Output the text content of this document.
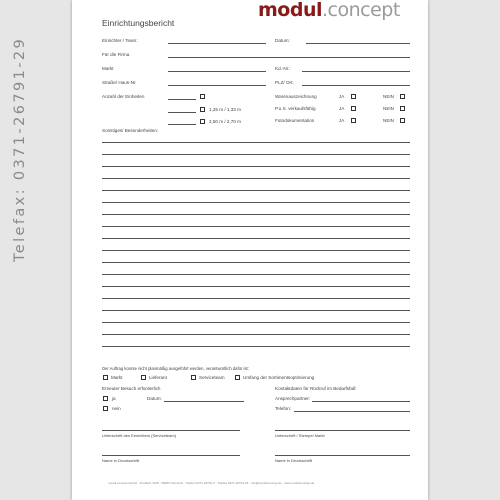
modul.concept
Einrichtungsbericht
Einrichter / Team:	Datum:
Für die Firma
Markt	Kd.-Nr.:
Straße/ Haus-Nr.	PLZ/ Ort:
Anzahl der Einheiten
1,25 m / 1,33 m
2,50 m / 2,70 m
Warenauszeichnung	JA	NEIN
P.o.S. verkaufsfähig	JA	NEIN
Fotodokumentation	JA	NEIN
Sonstiges/ Besonderheiten:
Der Auftrag konnte nicht planmäßig ausgeführt werden, verantwortlich dafür ist:
Markt	Lieferant	Serviceteam	Umfang der Sortimentsoptimierung
Erneuter Besuch erforderlich	Kontaktdaten für Rückruf im Bedarfsfall:
ja	Datum:	Ansprechpartner:
nein	Telefon:
Unterschrift des Einrichters (Serviceteam)	Unterschrift / Stempel Markt
Name in Druckschrift	Name in Druckschrift
modul.concept GmbH · Postfach 1108 · 09082 Chemnitz · Telefon 0371-26791-0 · Telefax 0371-26791-29 · info@modulconcept.de · www.modulconcept.de
Telefax: 0371-26791-29
